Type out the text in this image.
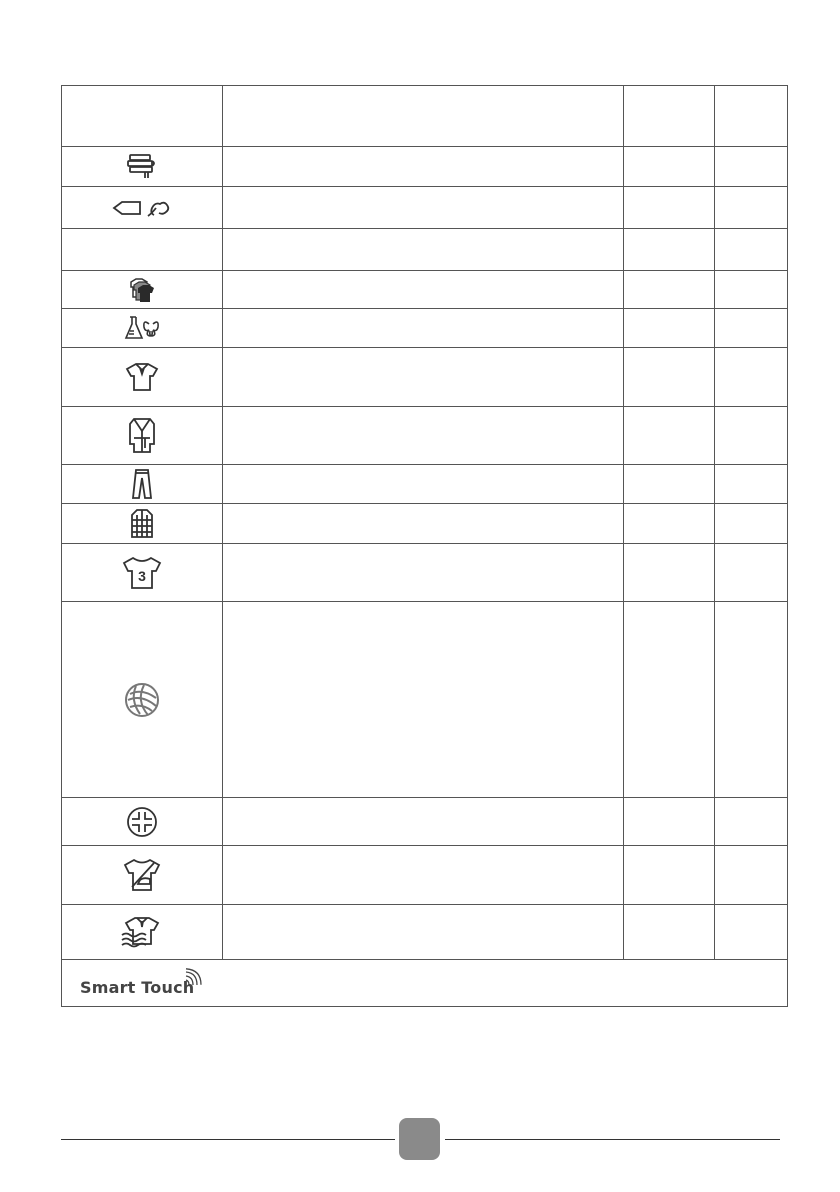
3
Smart Touch
